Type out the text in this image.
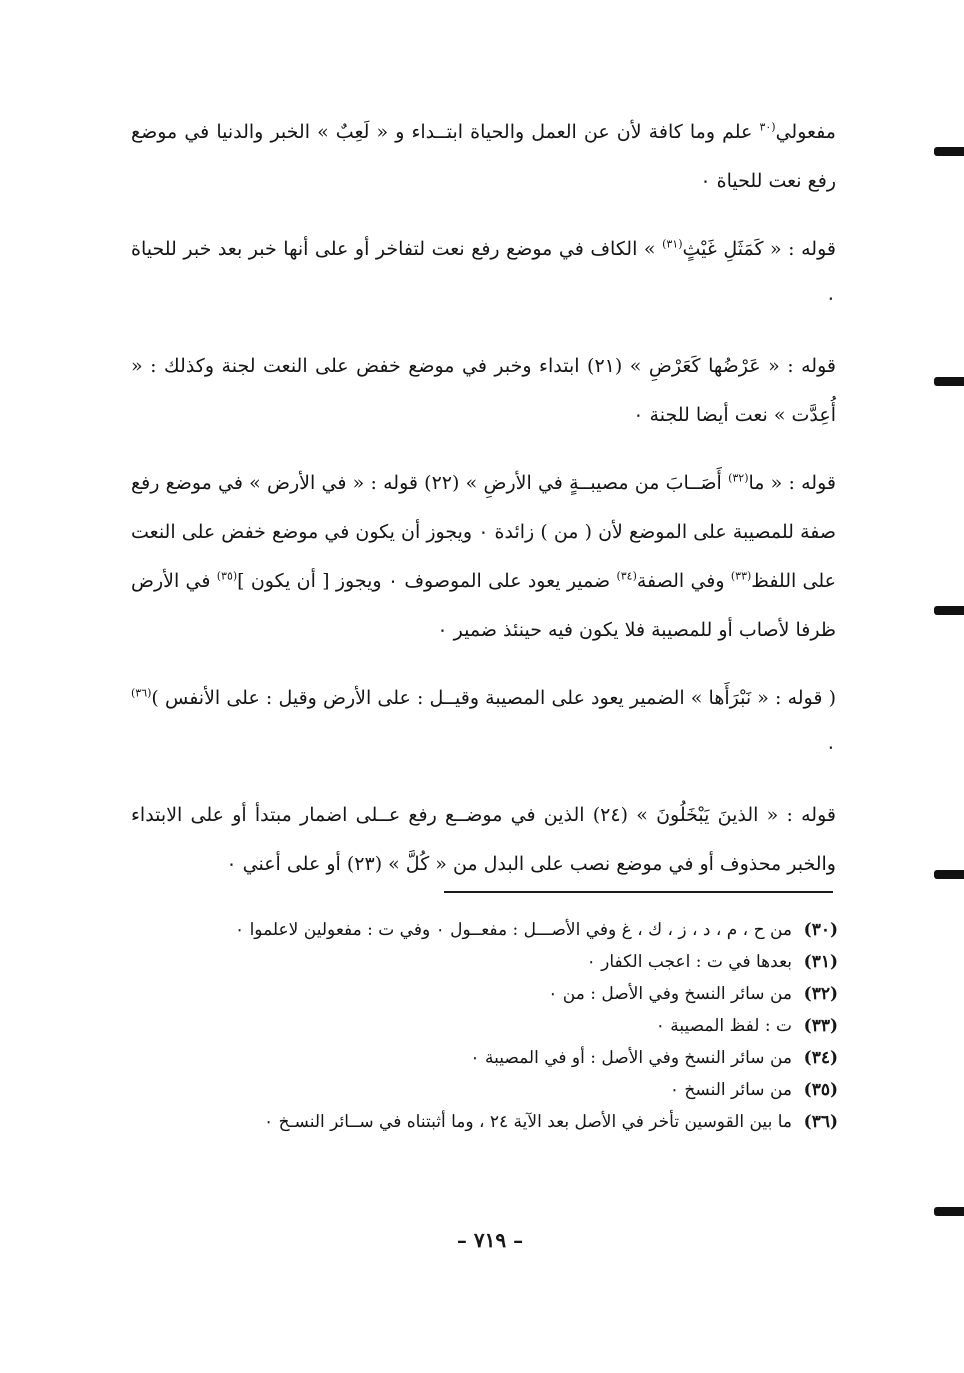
مفعولي$^{(٣٠}$ علم وما كافة لأن عن العمل والحياة ابتــداء و « لَعِبٌ » الخبر والدنيا في موضع رفع نعت للحياة ٠

قوله : « كَمَثَلِ غَيْثٍ$^{(٣١)}$ » الكاف في موضع رفع نعت لتفاخر أو على أنها خبر بعد خبر للحياة ٠

قوله : « عَرْضُها كَعَرْضِ » (٢١) ابتداء وخبر في موضع خفض على النعت لجنة وكذلك : « أُعِدَّت » نعت أيضا للجنة ٠

قوله : « ما$^{(٣٢)}$ أَصَــابَ من مصيبــةٍ في الأرضِ » (٢٢) قوله : « في الأرض » في موضع رفع صفة للمصيبة على الموضع لأن ( من ) زائدة ٠ ويجوز أن يكون في موضع خفض على النعت على اللفظ$^{(٣٣)}$ وفي الصفة$^{(٣٤)}$ ضمير يعود على الموصوف ٠ ويجوز [ أن يكون ]$^{(٣٥)}$ في الأرض ظرفا لأصاب أو للمصيبة فلا يكون فيه حينئذ ضمير ٠

( قوله : « نَبْرَأَها » الضمير يعود على المصيبة وقيــل : على الأرض وقيل : على الأنفس )$^{(٣٦)}$ ٠

قوله : « الذينَ يَبْخَلُونَ » (٢٤) الذين في موضــع رفع عــلى اضمار مبتدأ أو على الابتداء والخبر محذوف أو في موضع نصب على البدل من « كُلَّ » (٢٣) أو على أعني ٠

(٣٠)
من ح ، م ، د ، ز ، ك ، غ وفي الأصـــل : مفعــول ٠ وفي ت : مفعولين لاعلموا ٠
(٣١)
بعدها في ت : اعجب الكفار ٠
(٣٢)
من سائر النسخ وفي الأصل : من ٠
(٣٣)
ت : لفظ المصيبة ٠
(٣٤)
من سائر النسخ وفي الأصل : أو في المصيبة ٠
(٣٥)
من سائر النسخ ٠
(٣٦)
ما بين القوسين تأخر في الأصل بعد الآية ٢٤ ، وما أثبتناه في ســائر النسـخ ٠
– ٧١٩ –
